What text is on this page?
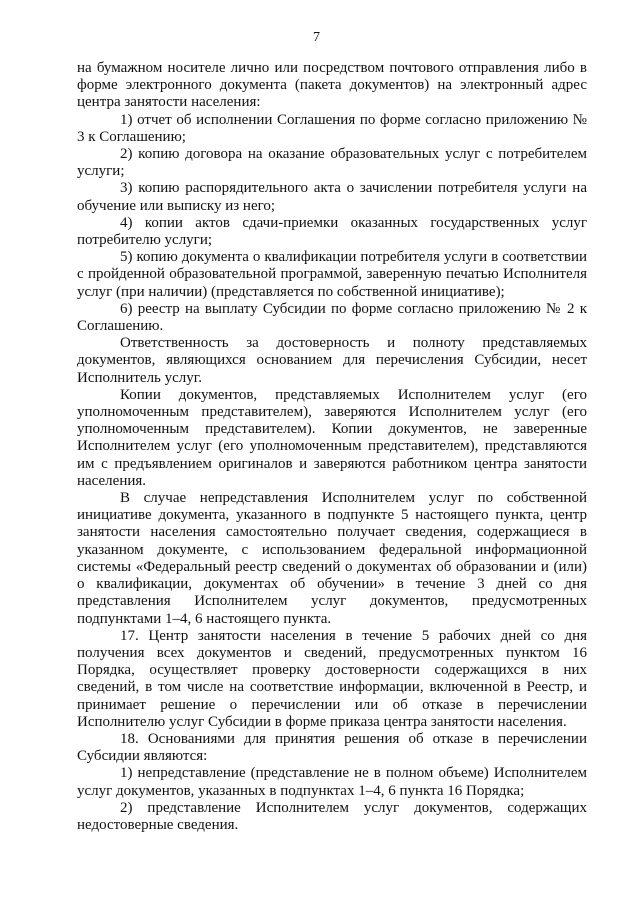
7

на бумажном носителе лично или посредством почтового отправления либо в форме электронного документа (пакета документов) на электронный адрес центра занятости населения:

1) отчет об исполнении Соглашения по форме согласно приложению № 3 к Соглашению;

2) копию договора на оказание образовательных услуг с потребителем услуги;

3) копию распорядительного акта о зачислении потребителя услуги на обучение или выписку из него;

4) копии актов сдачи-приемки оказанных государственных услуг потребителю услуги;

5) копию документа о квалификации потребителя услуги в соответствии с пройденной образовательной программой, заверенную печатью Исполнителя услуг (при наличии) (представляется по собственной инициативе);

6) реестр на выплату Субсидии по форме согласно приложению № 2 к Соглашению.

Ответственность за достоверность и полноту представляемых документов, являющихся основанием для перечисления Субсидии, несет Исполнитель услуг.

Копии документов, представляемых Исполнителем услуг (его уполномоченным представителем), заверяются Исполнителем услуг (его уполномоченным представителем). Копии документов, не заверенные Исполнителем услуг (его уполномоченным представителем), представляются им с предъявлением оригиналов и заверяются работником центра занятости населения.

В случае непредставления Исполнителем услуг по собственной инициативе документа, указанного в подпункте 5 настоящего пункта, центр занятости населения самостоятельно получает сведения, содержащиеся в указанном документе, с использованием федеральной информационной системы «Федеральный реестр сведений о документах об образовании и (или) о квалификации, документах об обучении» в течение 3 дней со дня представления Исполнителем услуг документов, предусмотренных подпунктами 1–4, 6 настоящего пункта.

17. Центр занятости населения в течение 5 рабочих дней со дня получения всех документов и сведений, предусмотренных пунктом 16 Порядка, осуществляет проверку достоверности содержащихся в них сведений, в том числе на соответствие информации, включенной в Реестр, и принимает решение о перечислении или об отказе в перечислении Исполнителю услуг Субсидии в форме приказа центра занятости населения.

18. Основаниями для принятия решения об отказе в перечислении Субсидии являются:

1) непредставление (представление не в полном объеме) Исполнителем услуг документов, указанных в подпунктах 1–4, 6 пункта 16 Порядка;

2) представление Исполнителем услуг документов, содержащих недостоверные сведения.
